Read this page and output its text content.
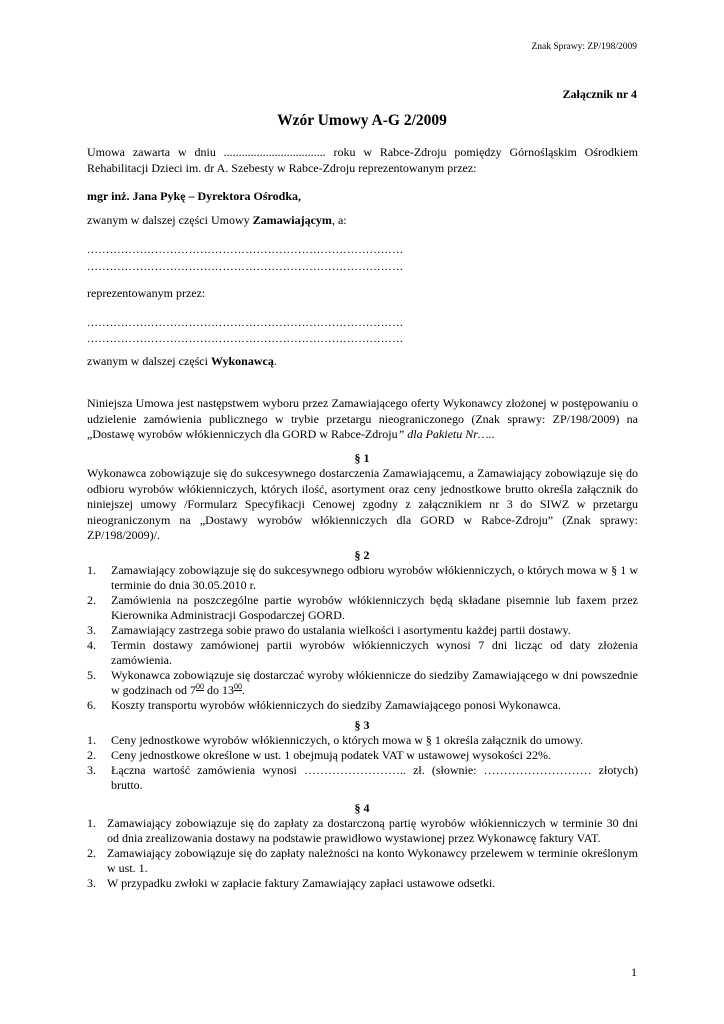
Znak Sprawy: ZP/198/2009
Załącznik nr 4
Wzór Umowy A-G 2/2009
Umowa zawarta w dniu .................................. roku w Rabce-Zdroju pomiędzy Górnośląskim Ośrodkiem Rehabilitacji Dzieci im. dr A. Szebesty w Rabce-Zdroju reprezentowanym przez:
mgr inż. Jana Pykę – Dyrektora Ośrodka,
zwanym w dalszej części Umowy Zamawiającym, a:
…………………………………………………………………………
…………………………………………………………………………
reprezentowanym przez:
…………………………………………………………………………
…………………………………………………………………………
zwanym w dalszej części Wykonawcą.
Niniejsza Umowa jest następstwem wyboru przez Zamawiającego oferty Wykonawcy złożonej w postępowaniu o udzielenie zamówienia publicznego w trybie przetargu nieograniczonego (Znak sprawy: ZP/198/2009) na „Dostawę wyrobów włókienniczych dla GORD w Rabce-Zdroju” dla Pakietu Nr…..
§ 1
Wykonawca zobowiązuje się do sukcesywnego dostarczenia Zamawiającemu, a Zamawiający zobowiązuje się do odbioru wyrobów włókienniczych, których ilość, asortyment oraz ceny jednostkowe brutto określa załącznik do niniejszej umowy /Formularz Specyfikacji Cenowej zgodny z załącznikiem nr 3 do SIWZ w przetargu nieograniczonym na „Dostawy wyrobów włókienniczych dla GORD w Rabce-Zdroju” (Znak sprawy: ZP/198/2009)/.
§ 2
1. Zamawiający zobowiązuje się do sukcesywnego odbioru wyrobów włókienniczych, o których mowa w § 1 w terminie do dnia 30.05.2010 r.
2. Zamówienia na poszczególne partie wyrobów włókienniczych będą składane pisemnie lub faxem przez Kierownika Administracji Gospodarczej GORD.
3. Zamawiający zastrzega sobie prawo do ustalania wielkości i asortymentu każdej partii dostawy.
4. Termin dostawy zamówionej partii wyrobów włókienniczych wynosi 7 dni licząc od daty złożenia zamówienia.
5. Wykonawca zobowiązuje się dostarczać wyroby włókiennicze do siedziby Zamawiającego w dni powszednie w godzinach od $7^{00}$ do $13^{00}$.
6. Koszty transportu wyrobów włókienniczych do siedziby Zamawiającego ponosi Wykonawca.
§ 3
1. Ceny jednostkowe wyrobów włókienniczych, o których mowa w § 1 określa załącznik do umowy.
2. Ceny jednostkowe określone w ust. 1 obejmują podatek VAT w ustawowej wysokości 22%.
3. Łączna wartość zamówienia wynosi …………………….. zł. (słownie: ……………………… złotych) brutto.
§ 4
1. Zamawiający zobowiązuje się do zapłaty za dostarczoną partię wyrobów włókienniczych w terminie 30 dni od dnia zrealizowania dostawy na podstawie prawidłowo wystawionej przez Wykonawcę faktury VAT.
2. Zamawiający zobowiązuje się do zapłaty należności na konto Wykonawcy przelewem w terminie określonym w ust. 1.
3. W przypadku zwłoki w zapłacie faktury Zamawiający zapłaci ustawowe odsetki.
1
